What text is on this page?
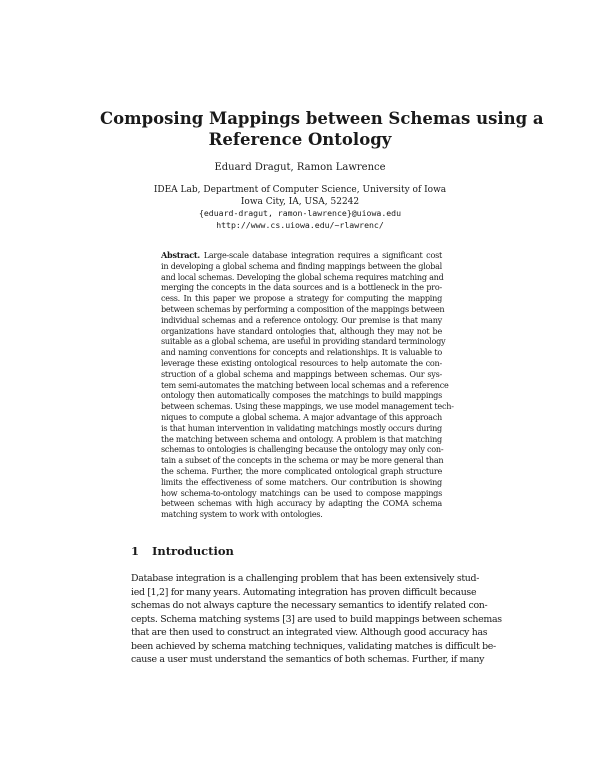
Composing Mappings between Schemas using a
Reference Ontology
Eduard Dragut, Ramon Lawrence
IDEA Lab, Department of Computer Science, University of Iowa
Iowa City, IA, USA, 52242
{eduard-dragut, ramon-lawrence}@uiowa.edu
http://www.cs.uiowa.edu/~rlawrenc/
Abstract. Large-scale database integration requires a significant cost
in developing a global schema and finding mappings between the global
and local schemas. Developing the global schema requires matching and
merging the concepts in the data sources and is a bottleneck in the pro-
cess. In this paper we propose a strategy for computing the mapping
between schemas by performing a composition of the mappings between
individual schemas and a reference ontology. Our premise is that many
organizations have standard ontologies that, although they may not be
suitable as a global schema, are useful in providing standard terminology
and naming conventions for concepts and relationships. It is valuable to
leverage these existing ontological resources to help automate the con-
struction of a global schema and mappings between schemas. Our sys-
tem semi-automates the matching between local schemas and a reference
ontology then automatically composes the matchings to build mappings
between schemas. Using these mappings, we use model management tech-
niques to compute a global schema. A major advantage of this approach
is that human intervention in validating matchings mostly occurs during
the matching between schema and ontology. A problem is that matching
schemas to ontologies is challenging because the ontology may only con-
tain a subset of the concepts in the schema or may be more general than
the schema. Further, the more complicated ontological graph structure
limits the effectiveness of some matchers. Our contribution is showing
how schema-to-ontology matchings can be used to compose mappings
between schemas with high accuracy by adapting the COMA schema
matching system to work with ontologies.
1 Introduction
Database integration is a challenging problem that has been extensively stud-
ied [1,2] for many years. Automating integration has proven difficult because
schemas do not always capture the necessary semantics to identify related con-
cepts. Schema matching systems [3] are used to build mappings between schemas
that are then used to construct an integrated view. Although good accuracy has
been achieved by schema matching techniques, validating matches is difficult be-
cause a user must understand the semantics of both schemas. Further, if many
